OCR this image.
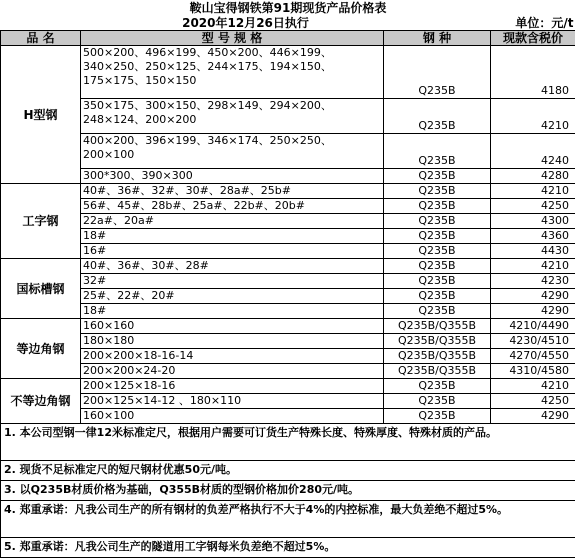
鞍山宝得钢铁第91期现货产品价格表			
2020年12月26日执行			单位：元/t
品 名	型 号 规 格	钢 种	现款含税价
H型钢	500×200、496×199、450×200、446×199、340×250、250×125、244×175、194×150、175×175、150×150	Q235B	4180
	350×175、300×150、298×149、294×200、248×124、200×200	Q235B	4210
	400×200、396×199、346×174、250×250、200×100	Q235B	4240
	300*300、390×300	Q235B	4280
工字钢	40#、36#、32#、30#、28a#、25b#	Q235B	4210
	56#、45#、28b#、25a#、22b#、20b#	Q235B	4250
	22a#、20a#	Q235B	4300
	18#	Q235B	4360
	16#	Q235B	4430
国标槽钢	40#、36#、30#、28#	Q235B	4210
	32#	Q235B	4230
	25#、22#、20#	Q235B	4290
	18#	Q235B	4290
等边角钢	160×160	Q235B/Q355B	4210/4490
	180×180	Q235B/Q355B	4230/4510
	200×200×18-16-14	Q235B/Q355B	4270/4550
	200×200×24-20	Q235B/Q355B	4310/4580
不等边角钢	200×125×18-16	Q235B	4210
	200×125×14-12 、180×110	Q235B	4250
	160×100	Q235B	4290
1. 本公司型钢一律12米标准定尺，根据用户需要可订货生产特殊长度、特殊厚度、特殊材质的产品。			
2. 现货不足标准定尺的短尺钢材优惠50元/吨。			
3. 以Q235B材质价格为基础，Q355B材质的型钢价格加价280元/吨。			
4. 郑重承诺：凡我公司生产的所有钢材的负差严格执行不大于4%的内控标准，最大负差绝不超过5%。			
5. 郑重承诺：凡我公司生产的隧道用工字钢每米负差绝不超过5%。			
